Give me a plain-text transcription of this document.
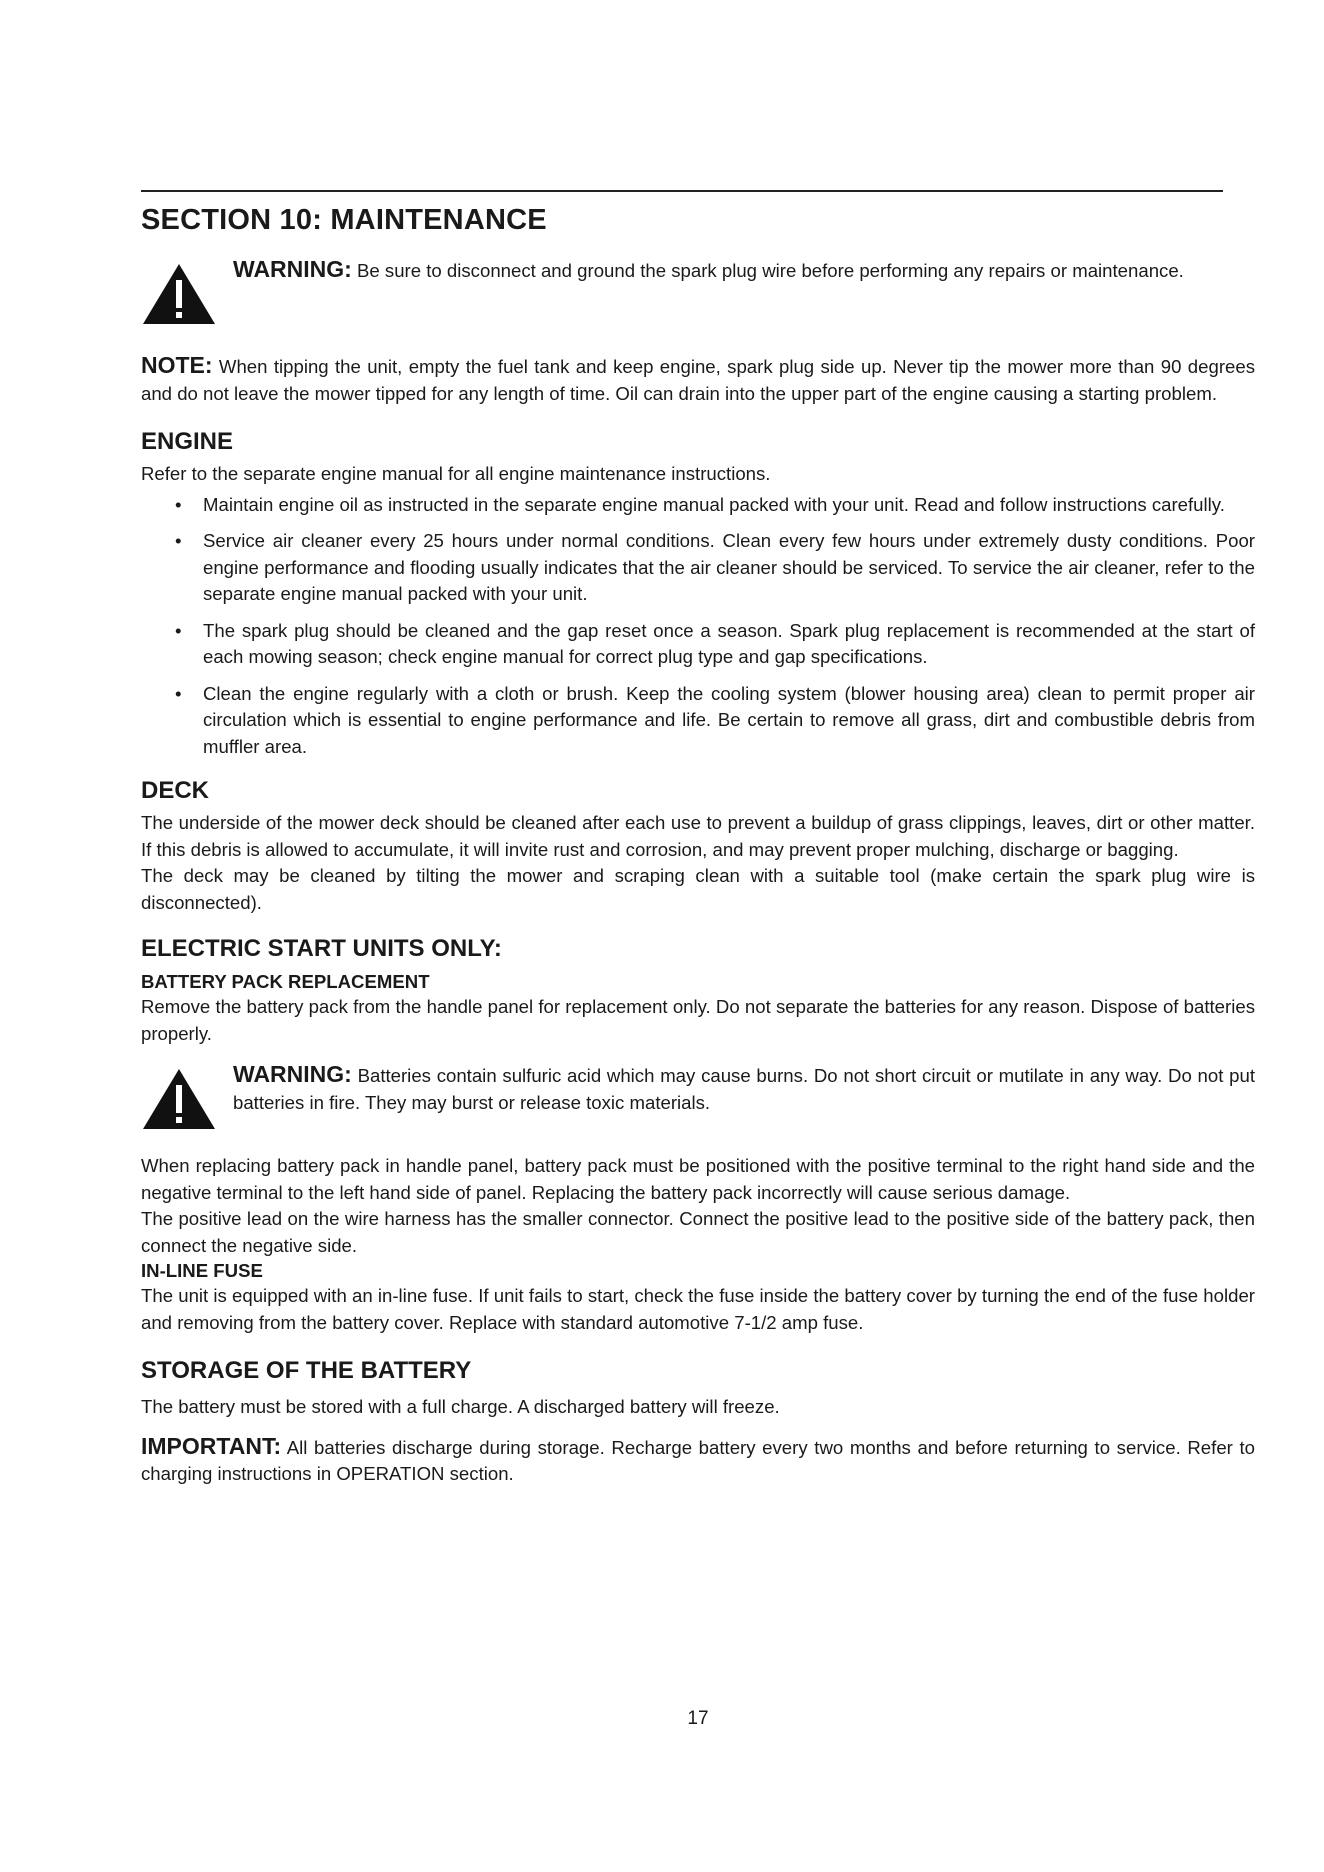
SECTION 10: MAINTENANCE

WARNING: Be sure to disconnect and ground the spark plug wire before performing any repairs or maintenance.

NOTE: When tipping the unit, empty the fuel tank and keep engine, spark plug side up. Never tip the mower more than 90 degrees and do not leave the mower tipped for any length of time. Oil can drain into the upper part of the engine causing a starting problem.

ENGINE

Refer to the separate engine manual for all engine maintenance instructions.

• Maintain engine oil as instructed in the separate engine manual packed with your unit. Read and follow instructions carefully.
• Service air cleaner every 25 hours under normal conditions. Clean every few hours under extremely dusty conditions. Poor engine performance and flooding usually indicates that the air cleaner should be serviced. To service the air cleaner, refer to the separate engine manual packed with your unit.
• The spark plug should be cleaned and the gap reset once a season. Spark plug replacement is recommended at the start of each mowing season; check engine manual for correct plug type and gap specifications.
• Clean the engine regularly with a cloth or brush. Keep the cooling system (blower housing area) clean to permit proper air circulation which is essential to engine performance and life. Be certain to remove all grass, dirt and combustible debris from muffler area.
DECK

The underside of the mower deck should be cleaned after each use to prevent a buildup of grass clippings, leaves, dirt or other matter. If this debris is allowed to accumulate, it will invite rust and corrosion, and may prevent proper mulching, discharge or bagging.

The deck may be cleaned by tilting the mower and scraping clean with a suitable tool (make certain the spark plug wire is disconnected).

ELECTRIC START UNITS ONLY:
BATTERY PACK REPLACEMENT

Remove the battery pack from the handle panel for replacement only. Do not separate the batteries for any reason. Dispose of batteries properly.

WARNING: Batteries contain sulfuric acid which may cause burns. Do not short circuit or mutilate in any way. Do not put batteries in fire. They may burst or release toxic materials.

When replacing battery pack in handle panel, battery pack must be positioned with the positive terminal to the right hand side and the negative terminal to the left hand side of panel. Replacing the battery pack incorrectly will cause serious damage.

The positive lead on the wire harness has the smaller connector. Connect the positive lead to the positive side of the battery pack, then connect the negative side.

IN-LINE FUSE

The unit is equipped with an in-line fuse. If unit fails to start, check the fuse inside the battery cover by turning the end of the fuse holder and removing from the battery cover. Replace with standard automotive 7-1/2 amp fuse.

STORAGE OF THE BATTERY

The battery must be stored with a full charge. A discharged battery will freeze.

IMPORTANT: All batteries discharge during storage. Recharge battery every two months and before returning to service. Refer to charging instructions in OPERATION section.

17
